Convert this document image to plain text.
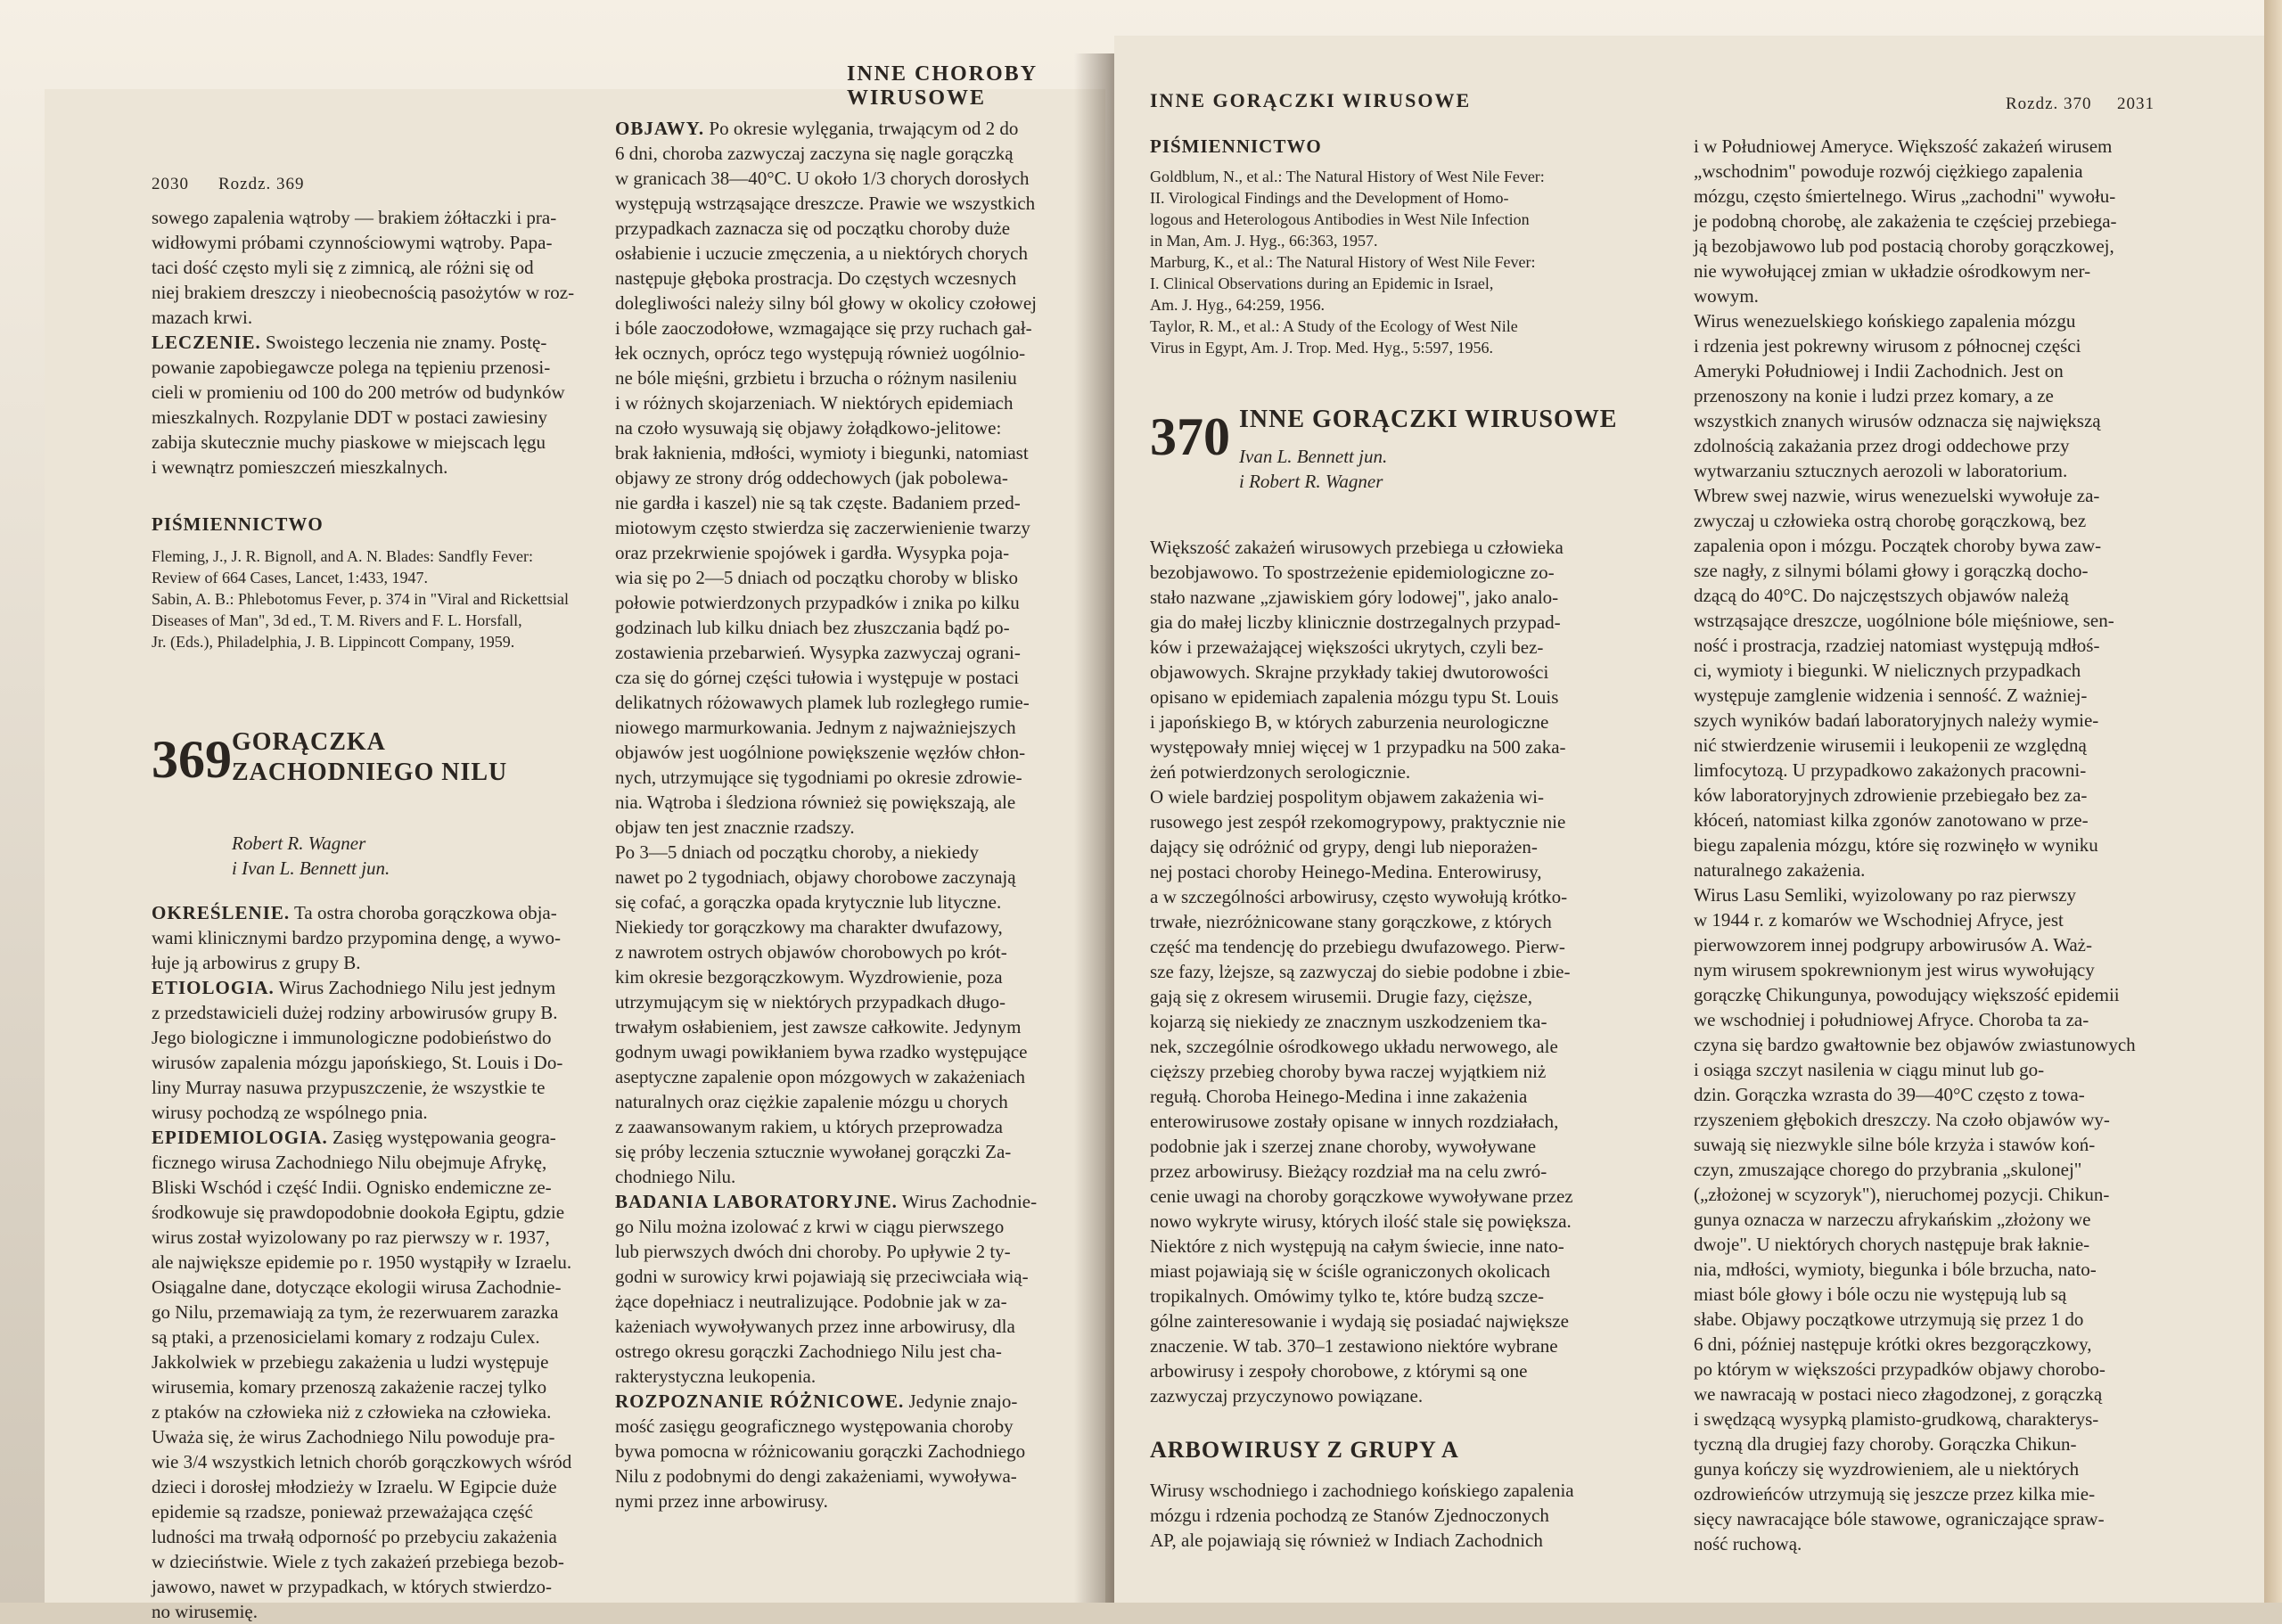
2030 Rozdz. 369
INNE CHOROBY WIRUSOWE
sowego zapalenia wątroby — brakiem żółtaczki i pra-
widłowymi próbami czynnościowymi wątroby. Papa-
taci dość często myli się z zimnicą, ale różni się od
niej brakiem dreszczy i nieobecnością pasożytów w roz-
mazach krwi.
LECZENIE. Swoistego leczenia nie znamy. Postę-
powanie zapobiegawcze polega na tępieniu przenosi-
cieli w promieniu od 100 do 200 metrów od budynków
mieszkalnych. Rozpylanie DDT w postaci zawiesiny
zabija skutecznie muchy piaskowe w miejscach lęgu
i wewnątrz pomieszczeń mieszkalnych.
PIŚMIENNICTWO
Fleming, J., J. R. Bignoll, and A. N. Blades: Sandfly Fever:
Review of 664 Cases, Lancet, 1:433, 1947.
Sabin, A. B.: Phlebotomus Fever, p. 374 in "Viral and Rickettsial
Diseases of Man", 3d ed., T. M. Rivers and F. L. Horsfall,
Jr. (Eds.), Philadelphia, J. B. Lippincott Company, 1959.
369 GORĄCZKA
ZACHODNIEGO NILU
Robert R. Wagner
i Ivan L. Bennett jun.
OKREŚLENIE. Ta ostra choroba gorączkowa obja-
wami klinicznymi bardzo przypomina dengę, a wywo-
łuje ją arbowirus z grupy B.
ETIOLOGIA. Wirus Zachodniego Nilu jest jednym
z przedstawicieli dużej rodziny arbowirusów grupy B.
Jego biologiczne i immunologiczne podobieństwo do
wirusów zapalenia mózgu japońskiego, St. Louis i Do-
liny Murray nasuwa przypuszczenie, że wszystkie te
wirusy pochodzą ze wspólnego pnia.
EPIDEMIOLOGIA. Zasięg występowania geogra-
ficznego wirusa Zachodniego Nilu obejmuje Afrykę,
Bliski Wschód i część Indii. Ognisko endemiczne ze-
środkowuje się prawdopodobnie dookoła Egiptu, gdzie
wirus został wyizolowany po raz pierwszy w r. 1937,
ale największe epidemie po r. 1950 wystąpiły w Izraelu.
Osiągalne dane, dotyczące ekologii wirusa Zachodnie-
go Nilu, przemawiają za tym, że rezerwuarem zarazka
są ptaki, a przenosicielami komary z rodzaju Culex.
Jakkolwiek w przebiegu zakażenia u ludzi występuje
wirusemia, komary przenoszą zakażenie raczej tylko
z ptaków na człowieka niż z człowieka na człowieka.
Uważa się, że wirus Zachodniego Nilu powoduje pra-
wie 3/4 wszystkich letnich chorób gorączkowych wśród
dzieci i dorosłej młodzieży w Izraelu. W Egipcie duże
epidemie są rzadsze, ponieważ przeważająca część
ludności ma trwałą odporność po przebyciu zakażenia
w dzieciństwie. Wiele z tych zakażeń przebiega bezob-
jawowo, nawet w przypadkach, w których stwierdzo-
no wirusemię.
OBJAWY. Po okresie wylęgania, trwającym od 2 do
6 dni, choroba zazwyczaj zaczyna się nagle gorączką
w granicach 38—40°C. U około 1/3 chorych dorosłych
występują wstrząsające dreszcze. Prawie we wszystkich
przypadkach zaznacza się od początku choroby duże
osłabienie i uczucie zmęczenia, a u niektórych chorych
następuje głęboka prostracja. Do częstych wczesnych
dolegliwości należy silny ból głowy w okolicy czołowej
i bóle zaoczodołowe, wzmagające się przy ruchach gał-
łek ocznych, oprócz tego występują również uogólnio-
ne bóle mięśni, grzbietu i brzucha o różnym nasileniu
i w różnych skojarzeniach. W niektórych epidemiach
na czoło wysuwają się objawy żołądkowo-jelitowe:
brak łaknienia, mdłości, wymioty i biegunki, natomiast
objawy ze strony dróg oddechowych (jak pobolewa-
nie gardła i kaszel) nie są tak częste. Badaniem przed-
miotowym często stwierdza się zaczerwienienie twarzy
oraz przekrwienie spojówek i gardła. Wysypka poja-
wia się po 2—5 dniach od początku choroby w blisko
połowie potwierdzonych przypadków i znika po kilku
godzinach lub kilku dniach bez złuszczania bądź po-
zostawienia przebarwień. Wysypka zazwyczaj ograni-
cza się do górnej części tułowia i występuje w postaci
delikatnych różowawych plamek lub rozległego rumie-
niowego marmurkowania. Jednym z najważniejszych
objawów jest uogólnione powiększenie węzłów chłon-
nych, utrzymujące się tygodniami po okresie zdrowie-
nia. Wątroba i śledziona również się powiększają, ale
objaw ten jest znacznie rzadszy.
Po 3—5 dniach od początku choroby, a niekiedy
nawet po 2 tygodniach, objawy chorobowe zaczynają
się cofać, a gorączka opada krytycznie lub lityczne.
Niekiedy tor gorączkowy ma charakter dwufazowy,
z nawrotem ostrych objawów chorobowych po krót-
kim okresie bezgorączkowym. Wyzdrowienie, poza
utrzymującym się w niektórych przypadkach długo-
trwałym osłabieniem, jest zawsze całkowite. Jedynym
godnym uwagi powikłaniem bywa rzadko występujące
aseptyczne zapalenie opon mózgowych w zakażeniach
naturalnych oraz ciężkie zapalenie mózgu u chorych
z zaawansowanym rakiem, u których przeprowadza
się próby leczenia sztucznie wywołanej gorączki Za-
chodniego Nilu.
BADANIA LABORATORYJNE. Wirus Zachodnie-
go Nilu można izolować z krwi w ciągu pierwszego
lub pierwszych dwóch dni choroby. Po upływie 2 ty-
godni w surowicy krwi pojawiają się przeciwciała wią-
żące dopełniacz i neutralizujące. Podobnie jak w za-
każeniach wywoływanych przez inne arbowirusy, dla
ostrego okresu gorączki Zachodniego Nilu jest cha-
rakterystyczna leukopenia.
ROZPOZNANIE RÓŻNICOWE. Jedynie znajo-
mość zasięgu geograficznego występowania choroby
bywa pomocna w różnicowaniu gorączki Zachodniego
Nilu z podobnymi do dengi zakażeniami, wywoływa-
nymi przez inne arbowirusy.
INNE GORĄCZKI WIRUSOWE	Rozdz. 370 2031
PIŚMIENNICTWO
Goldblum, N., et al.: The Natural History of West Nile Fever:
II. Virological Findings and the Development of Homo-
logous and Heterologous Antibodies in West Nile Infection
in Man, Am. J. Hyg., 66:363, 1957.
Marburg, K., et al.: The Natural History of West Nile Fever:
I. Clinical Observations during an Epidemic in Israel,
Am. J. Hyg., 64:259, 1956.
Taylor, R. M., et al.: A Study of the Ecology of West Nile
Virus in Egypt, Am. J. Trop. Med. Hyg., 5:597, 1956.
370 INNE GORĄCZKI WIRUSOWE
Ivan L. Bennett jun.
i Robert R. Wagner
Większość zakażeń wirusowych przebiega u człowieka
bezobjawowo. To spostrzeżenie epidemiologiczne zo-
stało nazwane „zjawiskiem góry lodowej", jako analo-
gia do małej liczby klinicznie dostrzegalnych przypad-
ków i przeważającej większości ukrytych, czyli bez-
objawowych. Skrajne przykłady takiej dwutorowości
opisano w epidemiach zapalenia mózgu typu St. Louis
i japońskiego B, w których zaburzenia neurologiczne
występowały mniej więcej w 1 przypadku na 500 zaka-
żeń potwierdzonych serologicznie.
O wiele bardziej pospolitym objawem zakażenia wi-
rusowego jest zespół rzekomogrypowy, praktycznie nie
dający się odróżnić od grypy, dengi lub nieporażen-
nej postaci choroby Heinego-Medina. Enterowirusy,
a w szczególności arbowirusy, często wywołują krótko-
trwałe, niezróżnicowane stany gorączkowe, z których
część ma tendencję do przebiegu dwufazowego. Pierw-
sze fazy, lżejsze, są zazwyczaj do siebie podobne i zbie-
gają się z okresem wirusemii. Drugie fazy, cięższe,
kojarzą się niekiedy ze znacznym uszkodzeniem tka-
nek, szczególnie ośrodkowego układu nerwowego, ale
cięższy przebieg choroby bywa raczej wyjątkiem niż
regułą. Choroba Heinego-Medina i inne zakażenia
enterowirusowe zostały opisane w innych rozdziałach,
podobnie jak i szerzej znane choroby, wywoływane
przez arbowirusy. Bieżący rozdział ma na celu zwró-
cenie uwagi na choroby gorączkowe wywoływane przez
nowo wykryte wirusy, których ilość stale się powiększa.
Niektóre z nich występują na całym świecie, inne nato-
miast pojawiają się w ściśle ograniczonych okolicach
tropikalnych. Omówimy tylko te, które budzą szcze-
gólne zainteresowanie i wydają się posiadać największe
znaczenie. W tab. 370–1 zestawiono niektóre wybrane
arbowirusy i zespoły chorobowe, z którymi są one
zazwyczaj przyczynowo powiązane.
ARBOWIRUSY Z GRUPY A
Wirusy wschodniego i zachodniego końskiego zapalenia
mózgu i rdzenia pochodzą ze Stanów Zjednoczonych
AP, ale pojawiają się również w Indiach Zachodnich
i w Południowej Ameryce. Większość zakażeń wirusem
„wschodnim" powoduje rozwój ciężkiego zapalenia
mózgu, często śmiertelnego. Wirus „zachodni" wywołu-
je podobną chorobę, ale zakażenia te częściej przebiega-
ją bezobjawowo lub pod postacią choroby gorączkowej,
nie wywołującej zmian w układzie ośrodkowym ner-
wowym.
Wirus wenezuelskiego końskiego zapalenia mózgu
i rdzenia jest pokrewny wirusom z północnej części
Ameryki Południowej i Indii Zachodnich. Jest on
przenoszony na konie i ludzi przez komary, a ze
wszystkich znanych wirusów odznacza się największą
zdolnością zakażania przez drogi oddechowe przy
wytwarzaniu sztucznych aerozoli w laboratorium.
Wbrew swej nazwie, wirus wenezuelski wywołuje za-
zwyczaj u człowieka ostrą chorobę gorączkową, bez
zapalenia opon i mózgu. Początek choroby bywa zaw-
sze nagły, z silnymi bólami głowy i gorączką docho-
dzącą do 40°C. Do najczęstszych objawów należą
wstrząsające dreszcze, uogólnione bóle mięśniowe, sen-
ność i prostracja, rzadziej natomiast występują mdłoś-
ci, wymioty i biegunki. W nielicznych przypadkach
występuje zamglenie widzenia i senność. Z ważniej-
szych wyników badań laboratoryjnych należy wymie-
nić stwierdzenie wirusemii i leukopenii ze względną
limfocytozą. U przypadkowo zakażonych pracowni-
ków laboratoryjnych zdrowienie przebiegało bez za-
kłóceń, natomiast kilka zgonów zanotowano w prze-
biegu zapalenia mózgu, które się rozwinęło w wyniku
naturalnego zakażenia.
Wirus Lasu Semliki, wyizolowany po raz pierwszy
w 1944 r. z komarów we Wschodniej Afryce, jest
pierwowzorem innej podgrupy arbowirusów A. Waż-
nym wirusem spokrewnionym jest wirus wywołujący
gorączkę Chikungunya, powodujący większość epidemii
we wschodniej i południowej Afryce. Choroba ta za-
czyna się bardzo gwałtownie bez objawów zwiastunowych
i osiąga szczyt nasilenia w ciągu minut lub go-
dzin. Gorączka wzrasta do 39—40°C często z towa-
rzyszeniem głębokich dreszczy. Na czoło objawów wy-
suwają się niezwykle silne bóle krzyża i stawów koń-
czyn, zmuszające chorego do przybrania „skulonej"
(„złożonej w scyzoryk"), nieruchomej pozycji. Chikun-
gunya oznacza w narzeczu afrykańskim „złożony we
dwoje". U niektórych chorych następuje brak łaknie-
nia, mdłości, wymioty, biegunka i bóle brzucha, nato-
miast bóle głowy i bóle oczu nie występują lub są
słabe. Objawy początkowe utrzymują się przez 1 do
6 dni, później następuje krótki okres bezgorączkowy,
po którym w większości przypadków objawy chorobo-
we nawracają w postaci nieco złagodzonej, z gorączką
i swędzącą wysypką plamisto-grudkową, charakterys-
tyczną dla drugiej fazy choroby. Gorączka Chikun-
gunya kończy się wyzdrowieniem, ale u niektórych
ozdrowieńców utrzymują się jeszcze przez kilka mie-
sięcy nawracające bóle stawowe, ograniczające spraw-
ność ruchową.
